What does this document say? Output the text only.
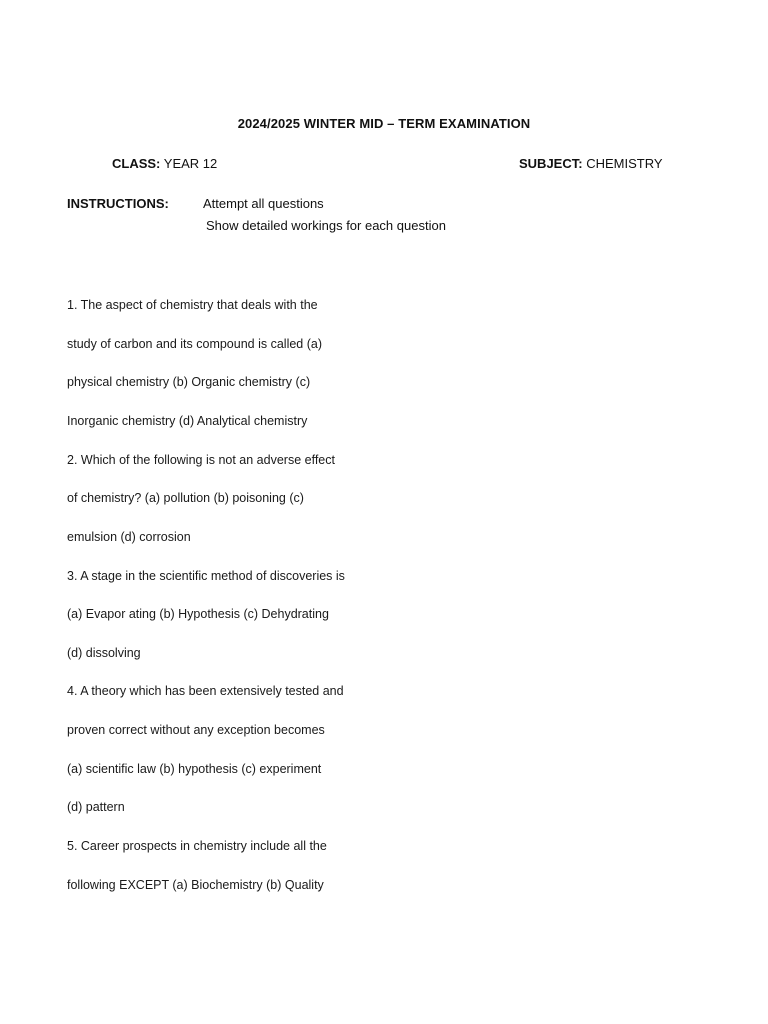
2024/2025 WINTER MID – TERM EXAMINATION
CLASS: YEAR 12	SUBJECT: CHEMISTRY
INSTRUCTIONS:	Attempt all questions
Show detailed workings for each question
1. The aspect of chemistry that deals with the
study of carbon and its compound is called (a)
physical chemistry (b) Organic chemistry (c)
Inorganic chemistry (d) Analytical chemistry
2. Which of the following is not an adverse effect
of chemistry? (a) pollution (b) poisoning (c)
emulsion (d) corrosion
3. A stage in the scientific method of discoveries is
(a) Evapor ating (b) Hypothesis (c) Dehydrating
(d) dissolving
4. A theory which has been extensively tested and
proven correct without any exception becomes
(a) scientific law (b) hypothesis (c) experiment
(d) pattern
5. Career prospects in chemistry include all the
following EXCEPT (a) Biochemistry (b) Quality
